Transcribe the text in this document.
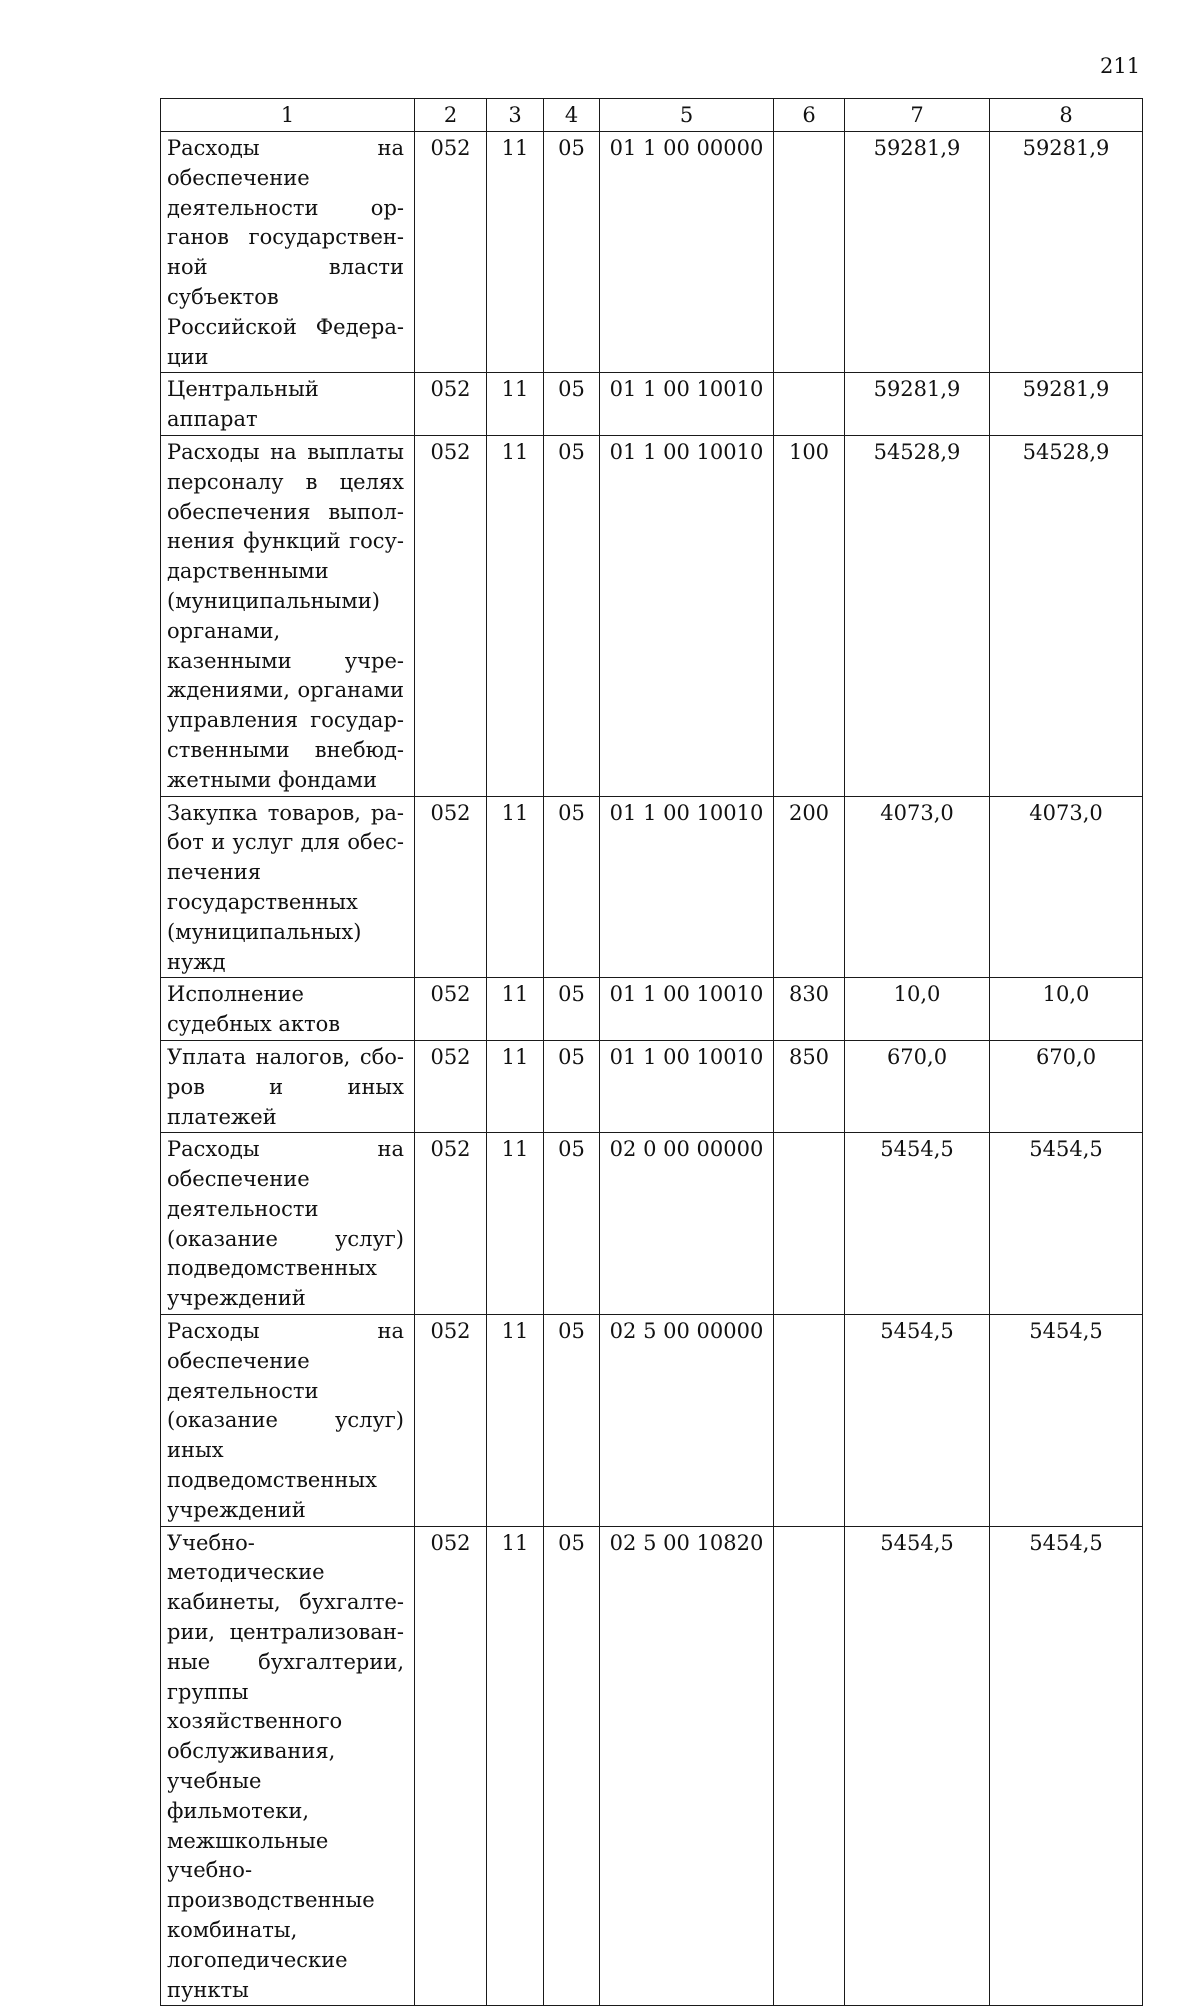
211
1	2	3	4	5	6	7	8
Расходы на обеспечение деятельности органов государственной власти субъектов Российской Федерации	052	11	05	01 1 00 00000		59281,9	59281,9
Центральный аппарат	052	11	05	01 1 00 10010		59281,9	59281,9
Расходы на выплаты персоналу в целях обеспечения выполнения функций государственными (муниципальными) органами, казенными учреждениями, органами управления государственными внебюджетными фондами	052	11	05	01 1 00 10010	100	54528,9	54528,9
Закупка товаров, работ и услуг для обеспечения государственных (муниципальных) нужд	052	11	05	01 1 00 10010	200	4073,0	4073,0
Исполнение судебных актов	052	11	05	01 1 00 10010	830	10,0	10,0
Уплата налогов, сборов и иных платежей	052	11	05	01 1 00 10010	850	670,0	670,0
Расходы на обеспечение деятельности (оказание услуг) подведомственных учреждений	052	11	05	02 0 00 00000		5454,5	5454,5
Расходы на обеспечение деятельности (оказание услуг) иных подведомственных учреждений	052	11	05	02 5 00 00000		5454,5	5454,5
Учебно-методические кабинеты, бухгалтерии, централизованные бухгалтерии, группы хозяйственного обслуживания, учебные фильмотеки, межшкольные учебно-производственные комбинаты, логопедические пункты	052	11	05	02 5 00 10820		5454,5	5454,5
